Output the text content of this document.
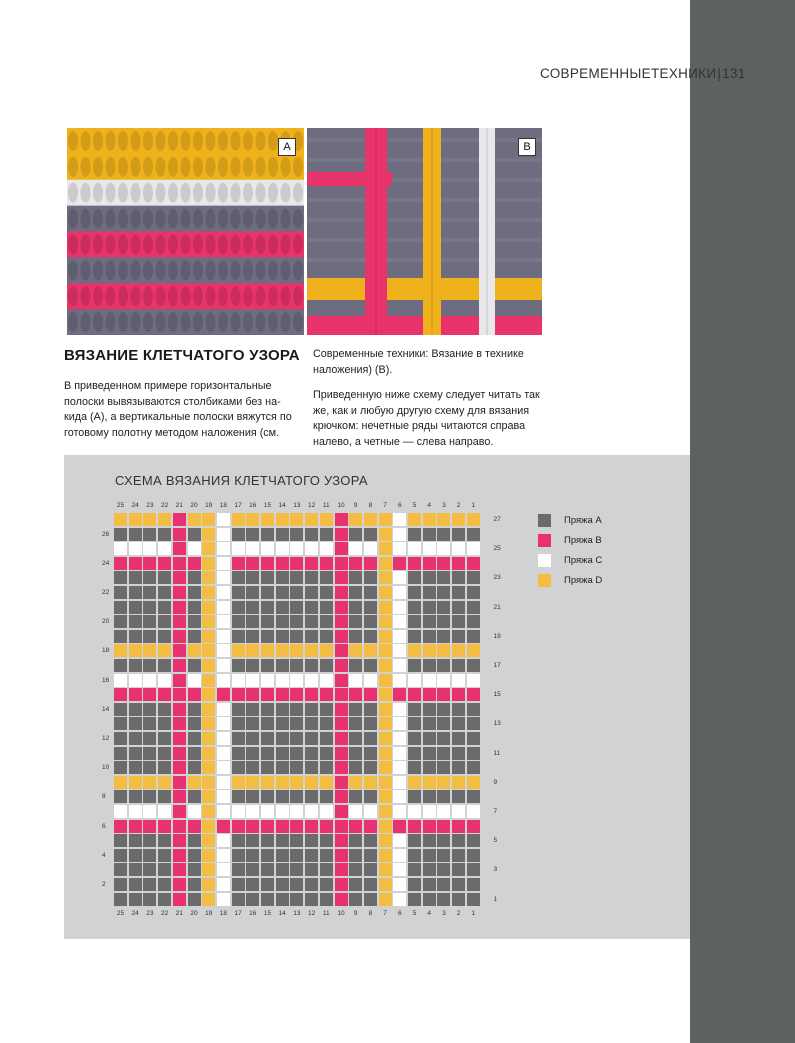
СОВРЕМЕННЫЕТЕХНИКИ|131
A	B
ВЯЗАНИЕ КЛЕТЧАТОГО УЗОРА
В приведенном примере горизонтальные
полоски вывязываются столбиками без на-
кида (А), а вертикальные полоски вяжутся по
готовому полотну методом наложения (см.
Современные техники: Вязание в технике
наложения) (В).
Приведенную ниже схему следует читать так
же, как и любую другую схему для вязания
крючком: нечетные ряды читаются справа
налево, а четные — слева направо.
СХЕМА ВЯЗАНИЯ КЛЕТЧАТОГО УЗОРА
25	24	23	22	21	20	19	18	17	16	15	14	13	12	11	10	9	8	7	6	5	4	3	2	1
25	24	23	22	21	20	19	18	17	16	15	14	13	12	11	10	9	8	7	6	5	4	3	2	1
27
25
23
21
19
17
15
13
11
9
7
5
3
1
26
24
22
20
18
16
14
12
10
8
6
4
2
Пряжа А
Пряжа В
Пряжа С
Пряжа D
